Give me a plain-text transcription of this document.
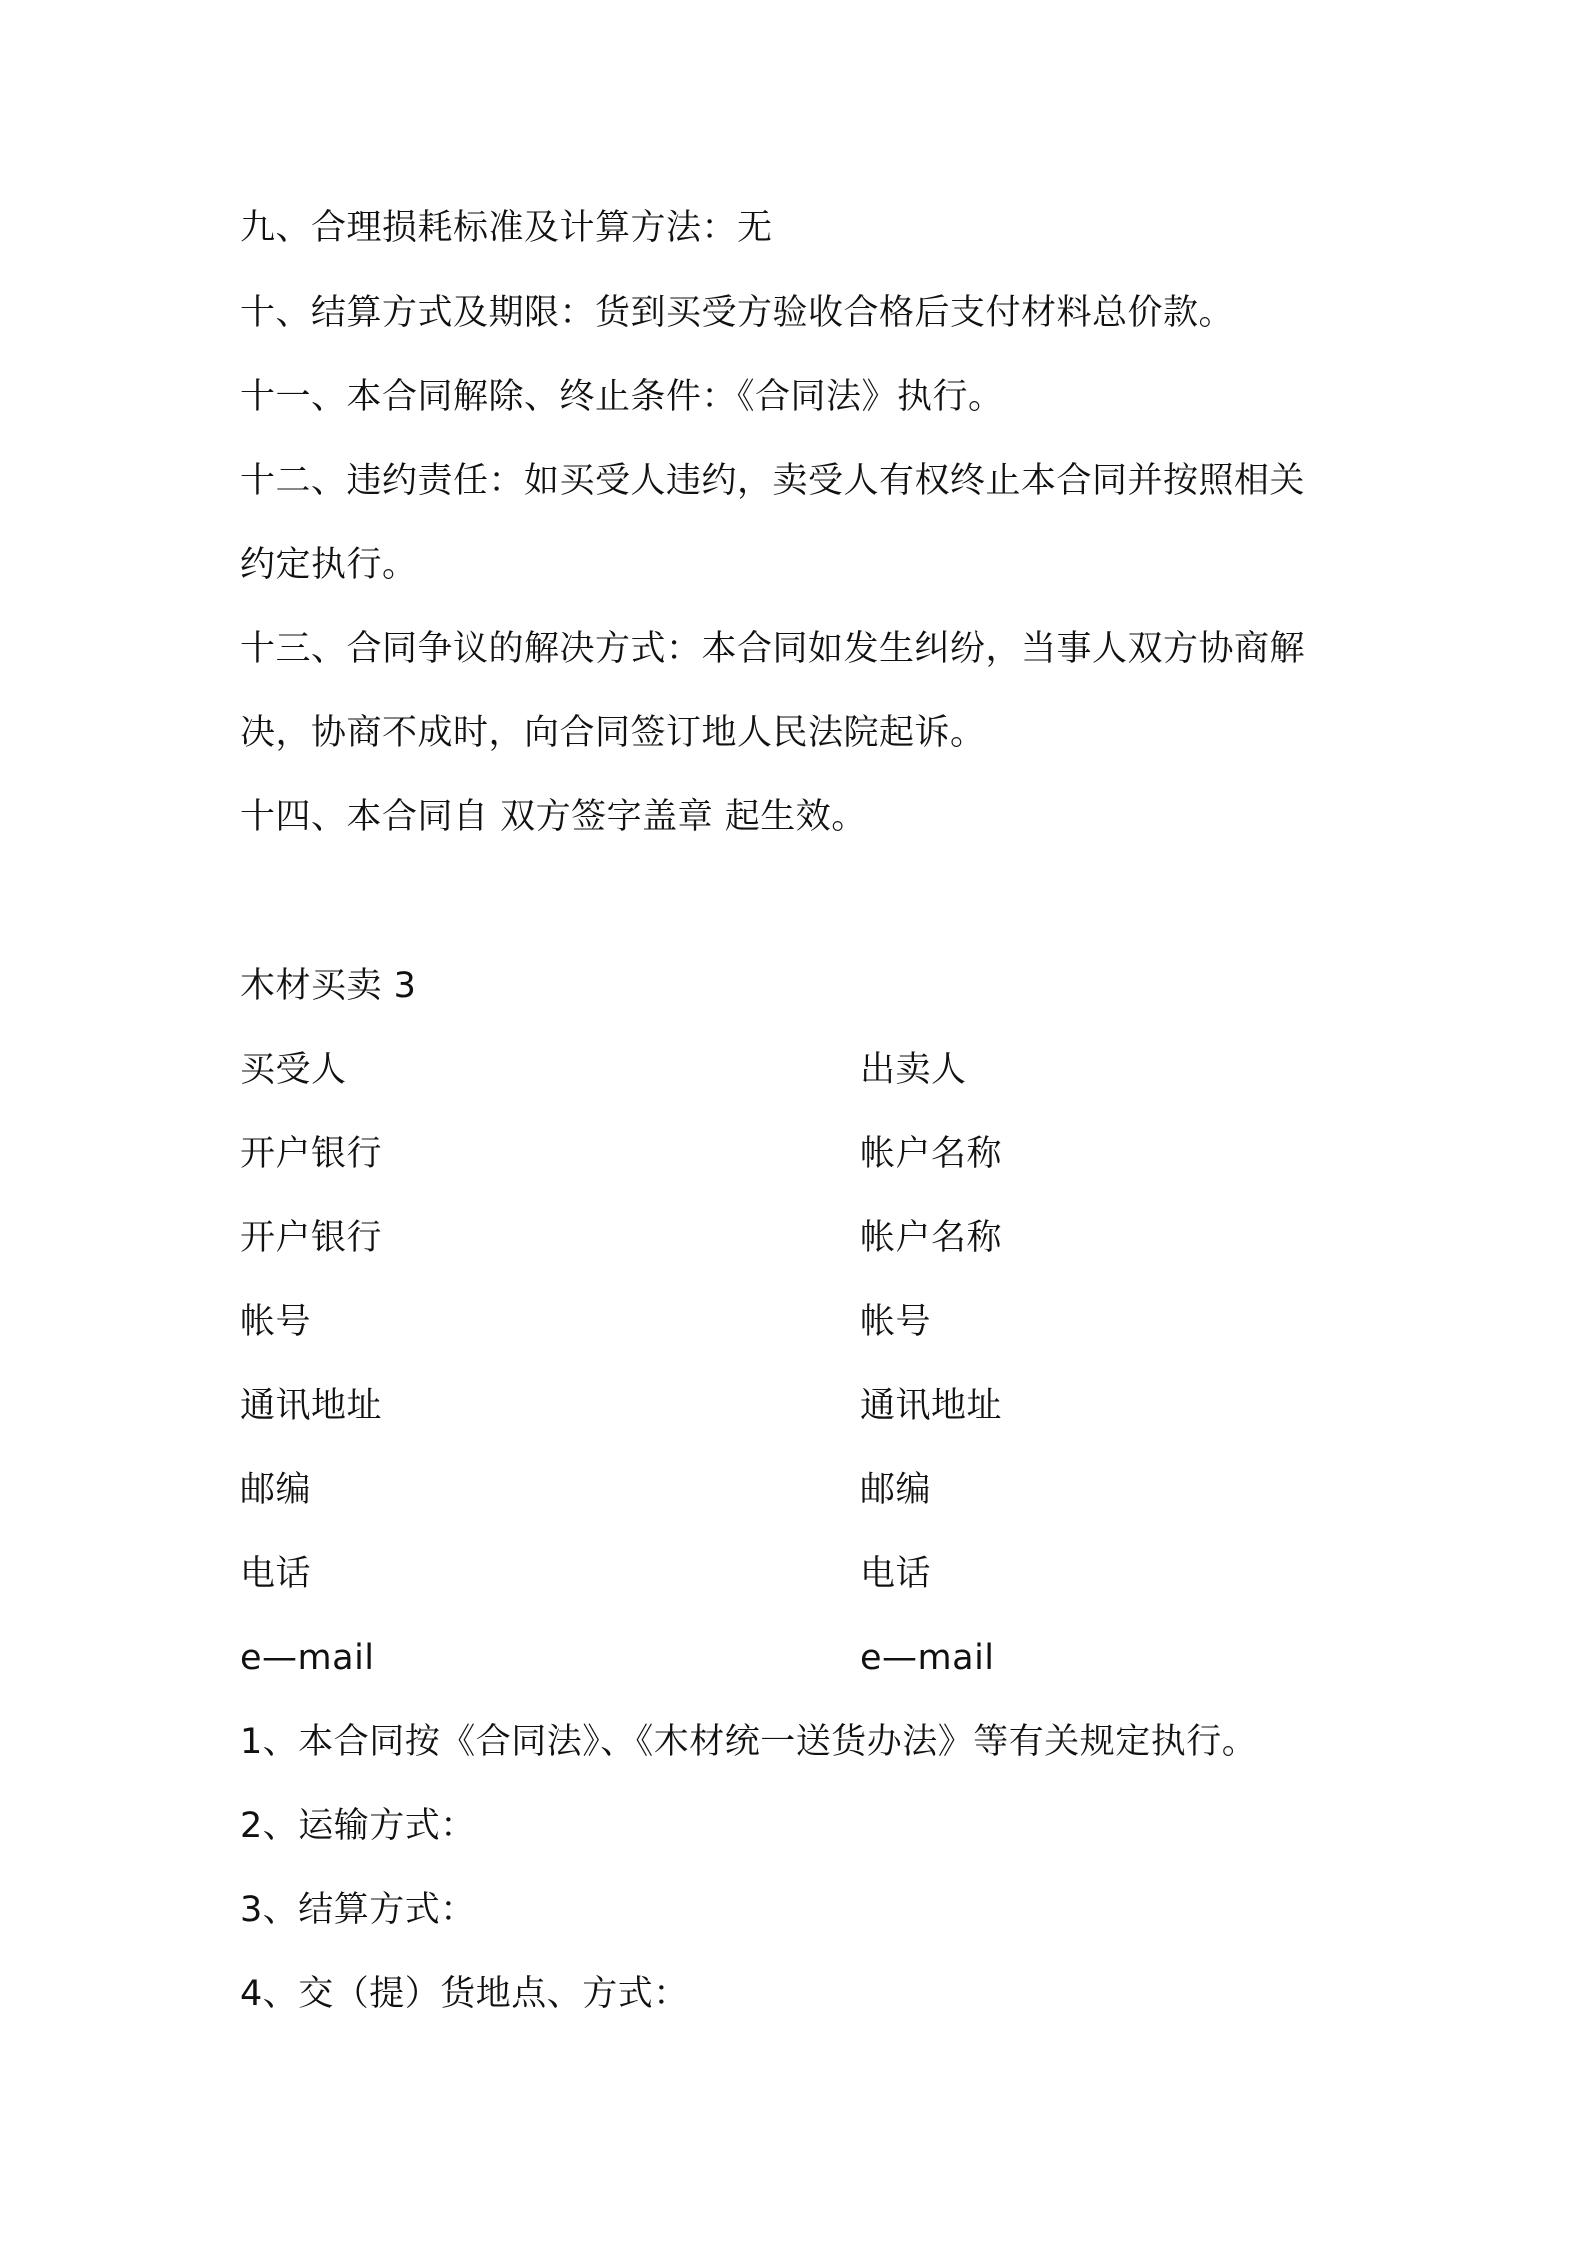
九、合理损耗标准及计算方法：无
十、结算方式及期限：货到买受方验收合格后支付材料总价款。
十一、本合同解除、终止条件：《合同法》执行。
十二、违约责任：如买受人违约，卖受人有权终止本合同并按照相关
约定执行。
十三、合同争议的解决方式：本合同如发生纠纷，当事人双方协商解
决，协商不成时，向合同签订地人民法院起诉。
十四、本合同自 双方签字盖章 起生效。
木材买卖 3
买受人	出卖人
开户银行	帐户名称
开户银行	帐户名称
帐号	帐号
通讯地址	通讯地址
邮编	邮编
电话	电话
e—mail	e—mail
1、本合同按《合同法》、《木材统一送货办法》等有关规定执行。
2、运输方式：
3、结算方式：
4、交（提）货地点、方式：
